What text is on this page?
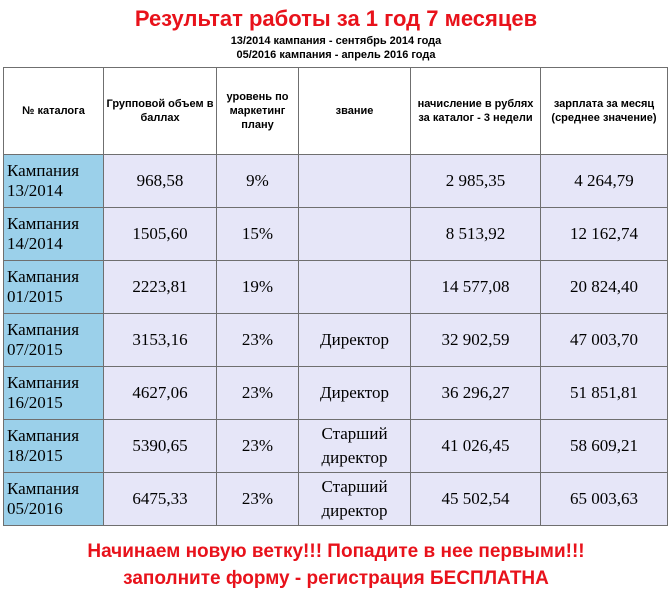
Результат работы за 1 год 7 месяцев
13/2014 кампания - сентябрь 2014 года
05/2016 кампания - апрель 2016 года
№ каталога	Групповой объем в баллах	уровень по маркетинг плану	звание	начисление в рублях за каталог - 3 недели	зарплата за месяц (среднее значение)
Кампания 13/2014	968,58	9%		2 985,35	4 264,79
Кампания 14/2014	1505,60	15%		8 513,92	12 162,74
Кампания 01/2015	2223,81	19%		14 577,08	20 824,40
Кампания 07/2015	3153,16	23%	Директор	32 902,59	47 003,70
Кампания 16/2015	4627,06	23%	Директор	36 296,27	51 851,81
Кампания 18/2015	5390,65	23%	Старший директор	41 026,45	58 609,21
Кампания 05/2016	6475,33	23%	Старший директор	45 502,54	65 003,63
Начинаем новую ветку!!! Попадите в нее первыми!!!
заполните форму - регистрация БЕСПЛАТНА
